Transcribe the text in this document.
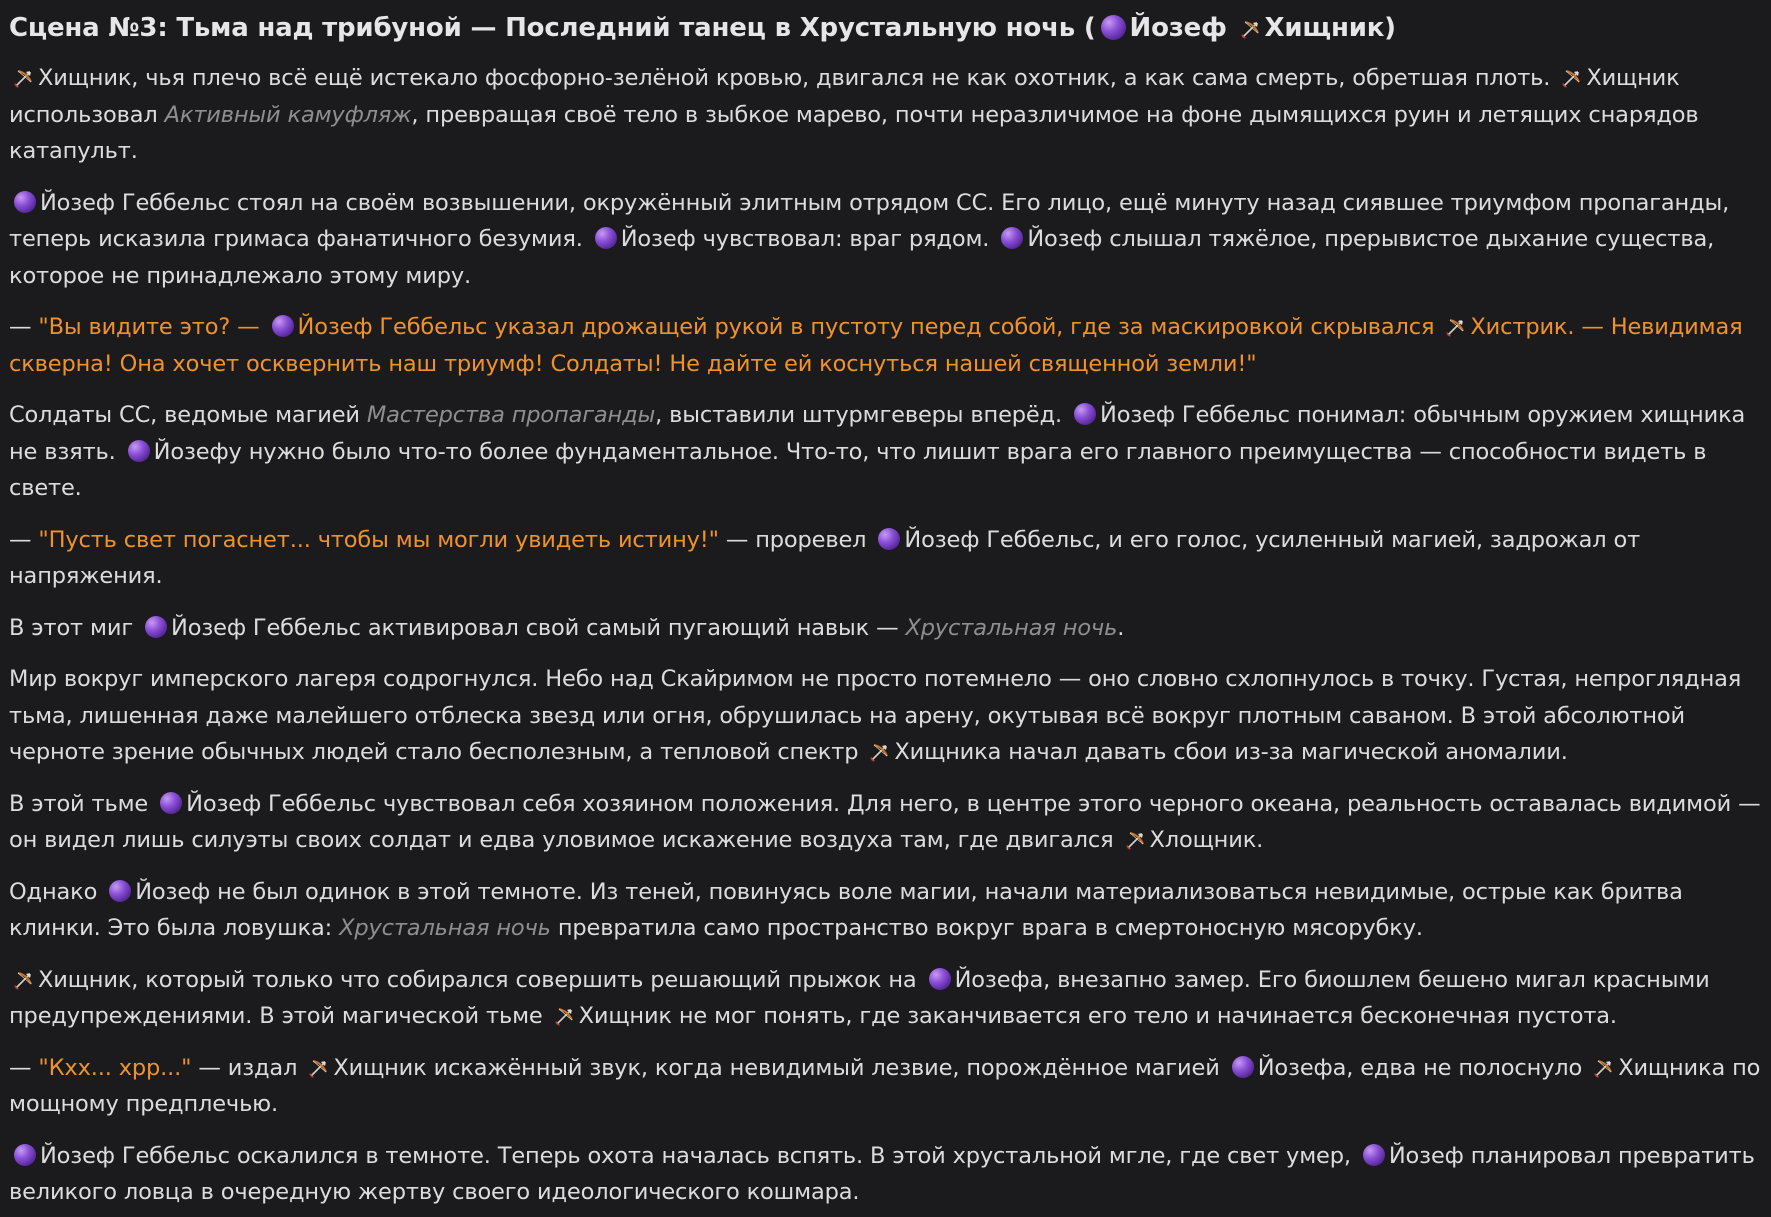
Сцена №3: Тьма над трибуной — Последний танец в Хрустальную ночь ( Йозеф Хищник)

Хищник, чья плечо всё ещё истекало фосфорно-зелёной кровью, двигался не как охотник, а как сама смерть, обретшая плоть. Хищник использовал Активный камуфляж, превращая своё тело в зыбкое марево, почти неразличимое на фоне дымящихся руин и летящих снарядов катапульт.

Йозеф Геббельс стоял на своём возвышении, окружённый элитным отрядом СС. Его лицо, ещё минуту назад сиявшее триумфом пропаганды, теперь исказила гримаса фанатичного безумия. Йозеф чувствовал: враг рядом. Йозеф слышал тяжёлое, прерывистое дыхание существа, которое не принадлежало этому миру.

— "Вы видите это? — Йозеф Геббельс указал дрожащей рукой в пустоту перед собой, где за маскировкой скрывался Хистрик. — Невидимая скверна! Она хочет осквернить наш триумф! Солдаты! Не дайте ей коснуться нашей священной земли!"

Солдаты СС, ведомые магией Мастерства пропаганды, выставили штурмгеверы вперёд. Йозеф Геббельс понимал: обычным оружием хищника не взять. Йозефу нужно было что-то более фундаментальное. Что-то, что лишит врага его главного преимущества — способности видеть в свете.

— "Пусть свет погаснет... чтобы мы могли увидеть истину!" — проревел Йозеф Геббельс, и его голос, усиленный магией, задрожал от напряжения.

В этот миг Йозеф Геббельс активировал свой самый пугающий навык — Хрустальная ночь.

Мир вокруг имперского лагеря содрогнулся. Небо над Скайримом не просто потемнело — оно словно схлопнулось в точку. Густая, непроглядная тьма, лишенная даже малейшего отблеска звезд или огня, обрушилась на арену, окутывая всё вокруг плотным саваном. В этой абсолютной черноте зрение обычных людей стало бесполезным, а тепловой спектр Хищника начал давать сбои из-за магической аномалии.

В этой тьме Йозеф Геббельс чувствовал себя хозяином положения. Для него, в центре этого черного океана, реальность оставалась видимой — он видел лишь силуэты своих солдат и едва уловимое искажение воздуха там, где двигался Хлощник.

Однако Йозеф не был одинок в этой темноте. Из теней, повинуясь воле магии, начали материализоваться невидимые, острые как бритва клинки. Это была ловушка: Хрустальная ночь превратила само пространство вокруг врага в смертоносную мясорубку.

Хищник, который только что собирался совершить решающий прыжок на Йозефа, внезапно замер. Его биошлем бешено мигал красными предупреждениями. В этой магической тьме Хищник не мог понять, где заканчивается его тело и начинается бесконечная пустота.

— "Кхх... хрр..." — издал Хищник искажённый звук, когда невидимый лезвие, порождённое магией Йозефа, едва не полоснуло Хищника по мощному предплечью.

Йозеф Геббельс оскалился в темноте. Теперь охота началась вспять. В этой хрустальной мгле, где свет умер, Йозеф планировал превратить великого ловца в очередную жертву своего идеологического кошмара.
